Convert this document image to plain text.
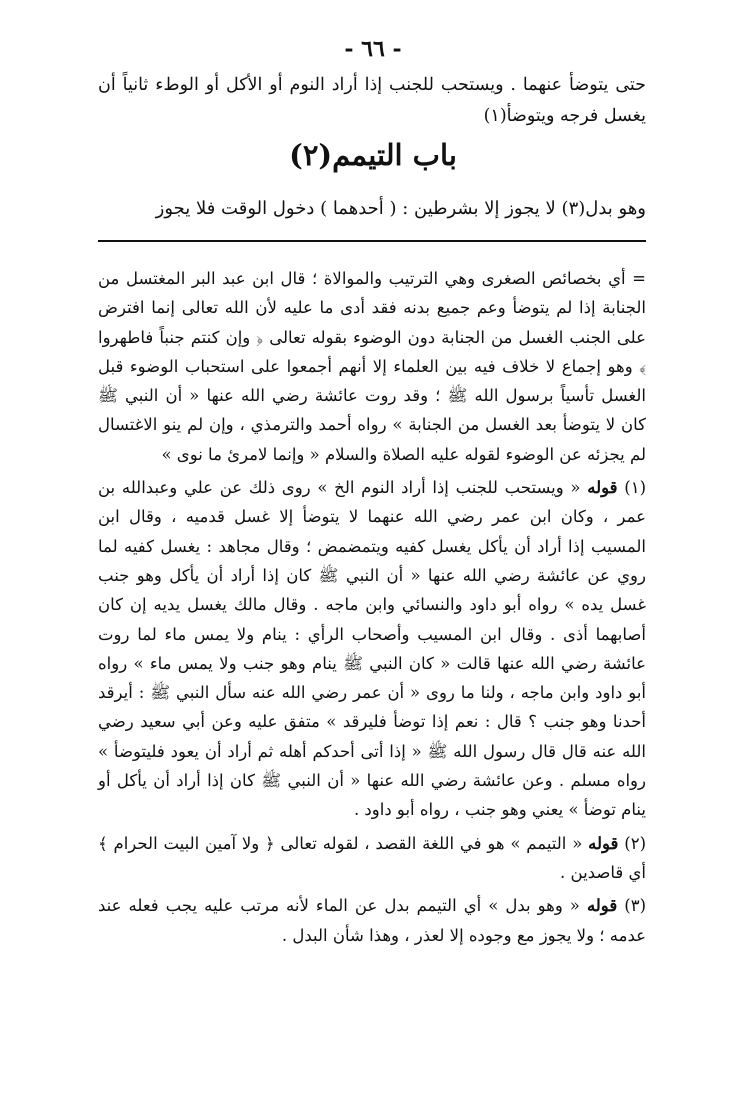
- ٦٦ -

حتى يتوضأ عنهما . ويستحب للجنب إذا أراد النوم أو الأكل أو الوطء ثانياً أن يغسل فرجه ويتوضأ(١)

باب التيمم(٢)
وهو بدل(٣) لا يجوز إلا بشرطين : ( أحدهما ) دخول الوقت فلا يجوز

= أي بخصائص الصغرى وهي الترتيب والموالاة ؛ قال ابن عبد البر المغتسل من الجنابة إذا لم يتوضأ وعم جميع بدنه فقد أدى ما عليه لأن الله تعالى إنما افترض على الجنب الغسل من الجنابة دون الوضوء بقوله تعالى ﴿ وإن كنتم جنباً فاطهروا ﴾ وهو إجماع لا خلاف فيه بين العلماء إلا أنهم أجمعوا على استحباب الوضوء قبل الغسل تأسياً برسول الله ﷺ ؛ وقد روت عائشة رضي الله عنها « أن النبي ﷺ كان لا يتوضأ بعد الغسل من الجنابة » رواه أحمد والترمذي ، وإن لم ينو الاغتسال لم يجزئه عن الوضوء لقوله عليه الصلاة والسلام « وإنما لامرئ ما نوى »

(١) قوله « ويستحب للجنب إذا أراد النوم الخ » روى ذلك عن علي وعبدالله بن عمر ، وكان ابن عمر رضي الله عنهما لا يتوضأ إلا غسل قدميه ، وقال ابن المسيب إذا أراد أن يأكل يغسل كفيه ويتمضمض ؛ وقال مجاهد : يغسل كفيه لما روي عن عائشة رضي الله عنها « أن النبي ﷺ كان إذا أراد أن يأكل وهو جنب غسل يده » رواه أبو داود والنسائي وابن ماجه . وقال مالك يغسل يديه إن كان أصابهما أذى . وقال ابن المسيب وأصحاب الرأي : ينام ولا يمس ماء لما روت عائشة رضي الله عنها قالت « كان النبي ﷺ ينام وهو جنب ولا يمس ماء » رواه أبو داود وابن ماجه ، ولنا ما روى « أن عمر رضي الله عنه سأل النبي ﷺ : أيرقد أحدنا وهو جنب ؟ قال : نعم إذا توضأ فليرقد » متفق عليه وعن أبي سعيد رضي الله عنه قال قال رسول الله ﷺ « إذا أتى أحدكم أهله ثم أراد أن يعود فليتوضأ » رواه مسلم . وعن عائشة رضي الله عنها « أن النبي ﷺ كان إذا أراد أن يأكل أو ينام توضأ » يعني وهو جنب ، رواه أبو داود .

(٢) قوله « التيمم » هو في اللغة القصد ، لقوله تعالى ﴿ ولا آمين البيت الحرام ﴾ أي قاصدين .

(٣) قوله « وهو بدل » أي التيمم بدل عن الماء لأنه مرتب عليه يجب فعله عند عدمه ؛ ولا يجوز مع وجوده إلا لعذر ، وهذا شأن البدل .
